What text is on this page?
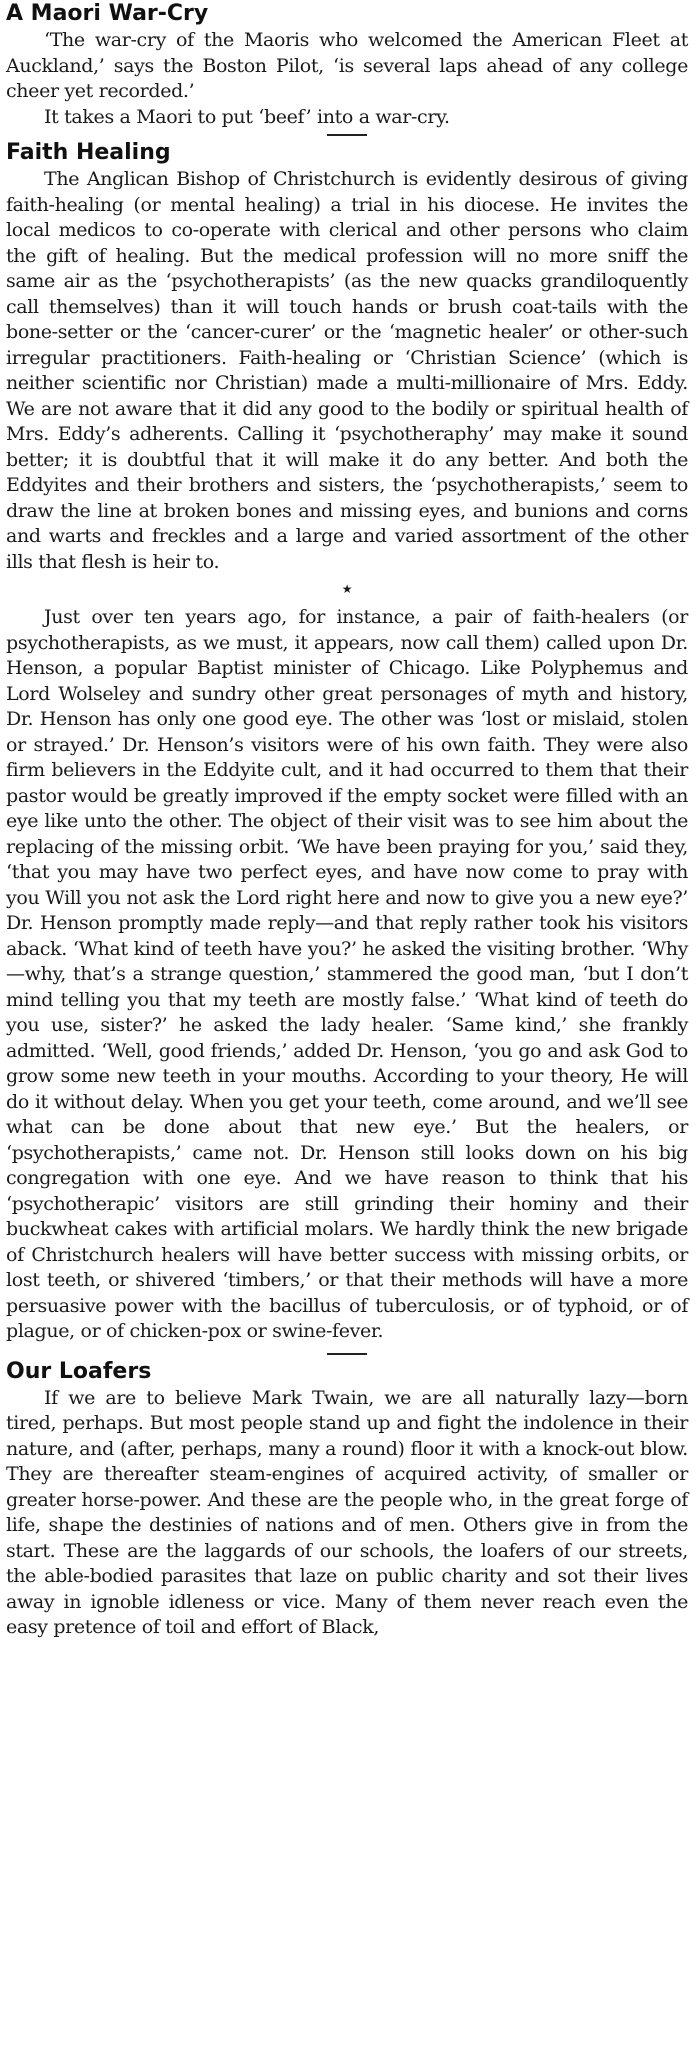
A Maori War-Cry

‘The war-cry of the Maoris who welcomed the American Fleet at Auckland,’ says the Boston Pilot, ‘is several laps ahead of any college cheer yet recorded.’

It takes a Maori to put ‘beef’ into a war-cry.

Faith Healing

The Anglican Bishop of Christchurch is evidently desirous of giving faith-healing (or mental healing) a trial in his diocese. He invites the local medicos to co-operate with clerical and other persons who claim the gift of healing. But the medical profession will no more sniff the same air as the ‘psychotherapists’ (as the new quacks grandiloquently call themselves) than it will touch hands or brush coat-tails with the bone-setter or the ‘cancer-curer’ or the ‘magnetic healer’ or other-such irregular practitioners. Faith-healing or ‘Christian Science’ (which is neither scientific nor Christian) made a multi-millionaire of Mrs. Eddy. We are not aware that it did any good to the bodily or spiritual health of Mrs. Eddy’s adherents. Calling it ‘psychotheraphy’ may make it sound better; it is doubtful that it will make it do any better. And both the Eddyites and their brothers and sisters, the ‘psychotherapists,’ seem to draw the line at broken bones and missing eyes, and bunions and corns and warts and freckles and a large and varied assortment of the other ills that flesh is heir to.

★

Just over ten years ago, for instance, a pair of faith-healers (or psychotherapists, as we must, it appears, now call them) called upon Dr. Henson, a popular Baptist minister of Chicago. Like Polyphemus and Lord Wolseley and sundry other great personages of myth and history, Dr. Henson has only one good eye. The other was ‘lost or mislaid, stolen or strayed.’ Dr. Henson’s visitors were of his own faith. They were also firm believers in the Eddyite cult, and it had occurred to them that their pastor would be greatly improved if the empty socket were filled with an eye like unto the other. The object of their visit was to see him about the replacing of the missing orbit. ‘We have been praying for you,’ said they, ‘that you may have two perfect eyes, and have now come to pray with you Will you not ask the Lord right here and now to give you a new eye?’ Dr. Henson promptly made reply—and that reply rather took his visitors aback. ‘What kind of teeth have you?’ he asked the visiting brother. ‘Why—why, that’s a strange question,’ stammered the good man, ‘but I don’t mind telling you that my teeth are mostly false.’ ‘What kind of teeth do you use, sister?’ he asked the lady healer. ‘Same kind,’ she frankly admitted. ‘Well, good friends,’ added Dr. Henson, ‘you go and ask God to grow some new teeth in your mouths. According to your theory, He will do it without delay. When you get your teeth, come around, and we’ll see what can be done about that new eye.’ But the healers, or ‘psychotherapists,’ came not. Dr. Henson still looks down on his big congregation with one eye. And we have reason to think that his ‘psychotherapic’ visitors are still grinding their hominy and their buckwheat cakes with artificial molars. We hardly think the new brigade of Christchurch healers will have better success with missing orbits, or lost teeth, or shivered ‘timbers,’ or that their methods will have a more persuasive power with the bacillus of tuberculosis, or of typhoid, or of plague, or of chicken-pox or swine-fever.

Our Loafers

If we are to believe Mark Twain, we are all naturally lazy—born tired, perhaps. But most people stand up and fight the indolence in their nature, and (after, perhaps, many a round) floor it with a knock-out blow. They are thereafter steam-engines of acquired activity, of smaller or greater horse-power. And these are the people who, in the great forge of life, shape the destinies of nations and of men. Others give in from the start. These are the laggards of our schools, the loafers of our streets, the able-bodied parasites that laze on public charity and sot their lives away in ignoble idleness or vice. Many of them never reach even the easy pretence of toil and effort of Black,
